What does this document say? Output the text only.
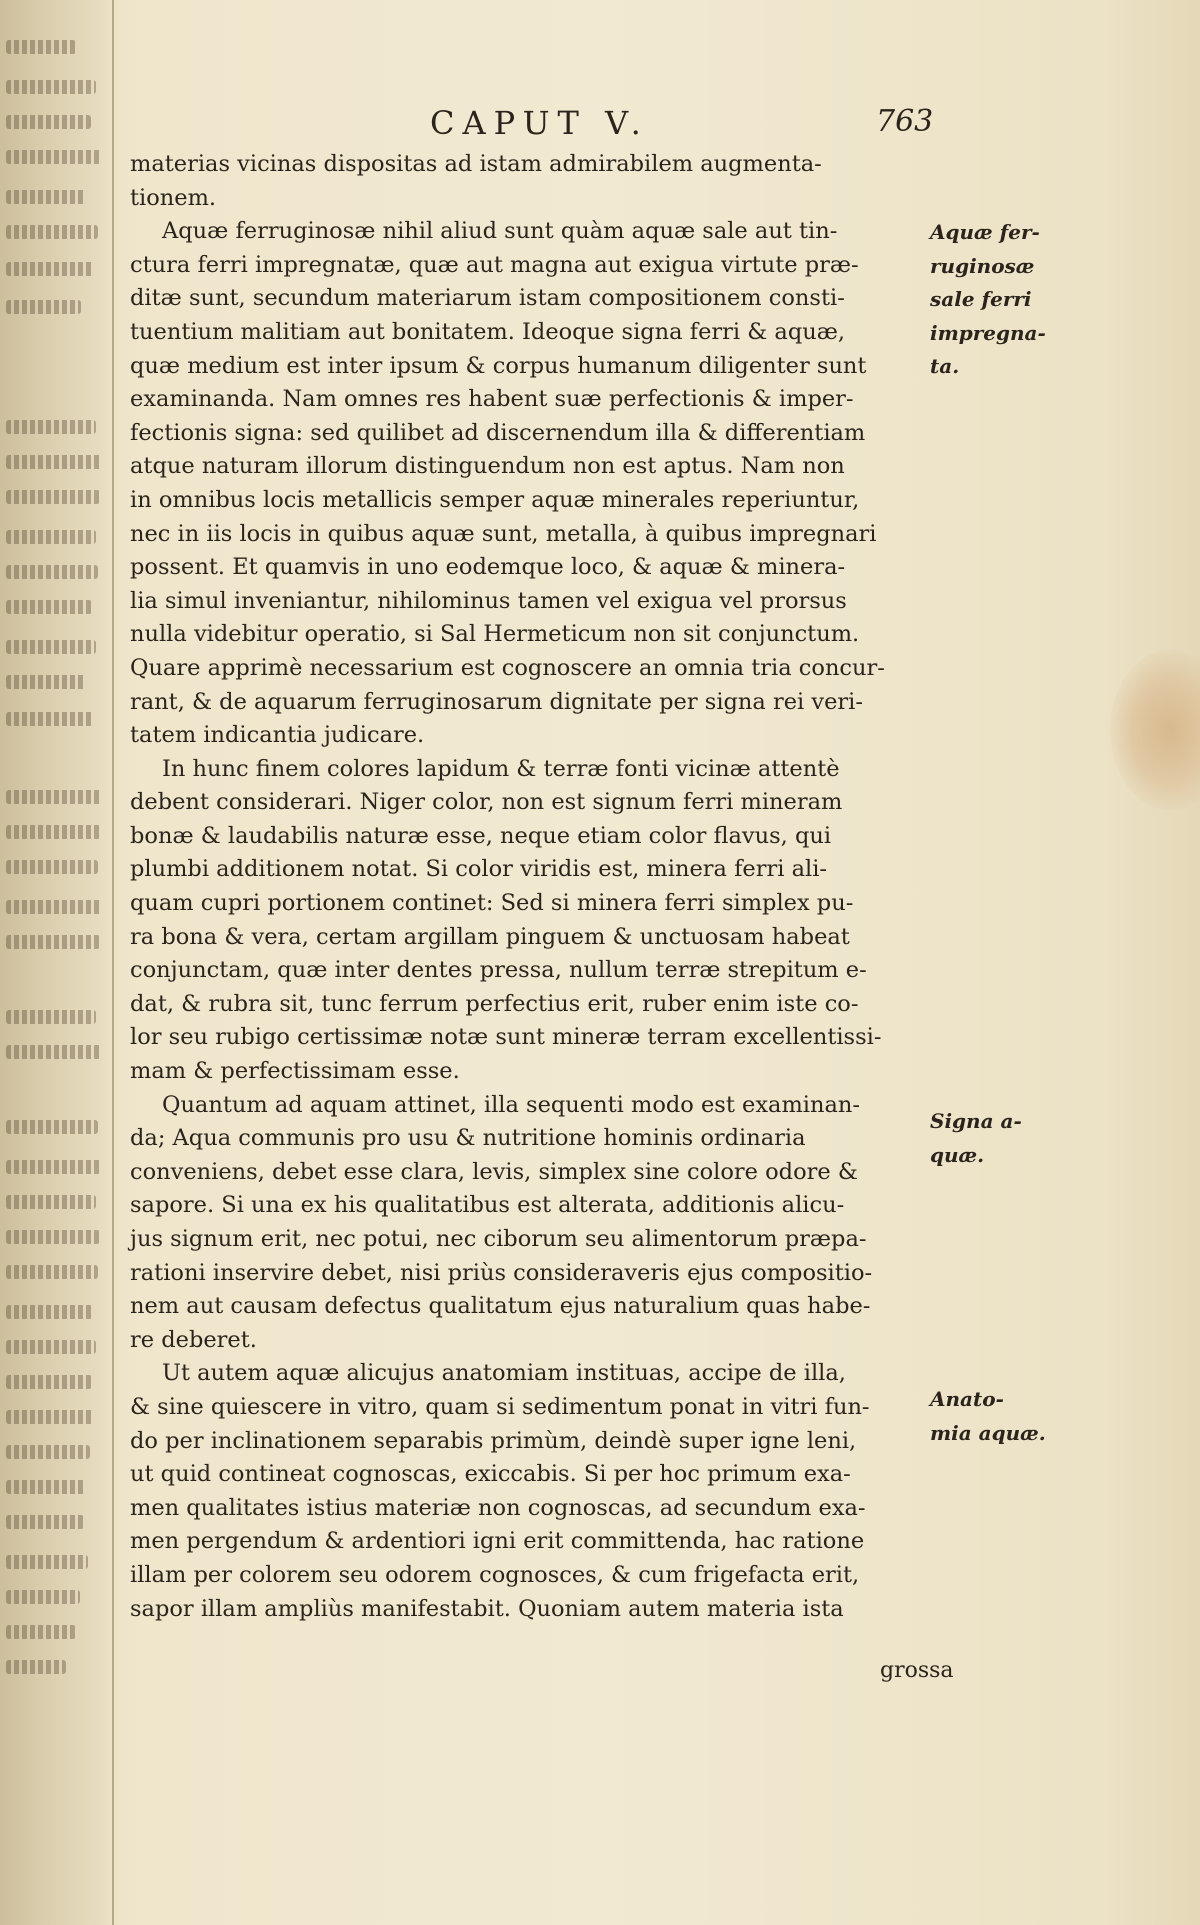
CAPUT V.	763

materias vicinas dispositas ad istam admirabilem augmenta-
tionem.

Aquæ ferruginosæ nihil aliud sunt quàm aquæ sale aut tin-
ctura ferri impregnatæ, quæ aut magna aut exigua virtute præ-
ditæ sunt, secundum materiarum istam compositionem consti-
tuentium malitiam aut bonitatem. Ideoque signa ferri & aquæ,
quæ medium est inter ipsum & corpus humanum diligenter sunt
examinanda. Nam omnes res habent suæ perfectionis & imper-
fectionis signa: sed quilibet ad discernendum illa & differentiam
atque naturam illorum distinguendum non est aptus. Nam non
in omnibus locis metallicis semper aquæ minerales reperiuntur,
nec in iis locis in quibus aquæ sunt, metalla, à quibus impregnari
possent. Et quamvis in uno eodemque loco, & aquæ & minera-
lia simul inveniantur, nihilominus tamen vel exigua vel prorsus
nulla videbitur operatio, si Sal Hermeticum non sit conjunctum.
Quare apprimè necessarium est cognoscere an omnia tria concur-
rant, & de aquarum ferruginosarum dignitate per signa rei veri-
tatem indicantia judicare.

In hunc finem colores lapidum & terræ fonti vicinæ attentè
debent considerari. Niger color, non est signum ferri mineram
bonæ & laudabilis naturæ esse, neque etiam color flavus, qui
plumbi additionem notat. Si color viridis est, minera ferri ali-
quam cupri portionem continet: Sed si minera ferri simplex pu-
ra bona & vera, certam argillam pinguem & unctuosam habeat
conjunctam, quæ inter dentes pressa, nullum terræ strepitum e-
dat, & rubra sit, tunc ferrum perfectius erit, ruber enim iste co-
lor seu rubigo certissimæ notæ sunt mineræ terram excellentissi-
mam & perfectissimam esse.

Quantum ad aquam attinet, illa sequenti modo est examinan-
da; Aqua communis pro usu & nutritione hominis ordinaria
conveniens, debet esse clara, levis, simplex sine colore odore &
sapore. Si una ex his qualitatibus est alterata, additionis alicu-
jus signum erit, nec potui, nec ciborum seu alimentorum præpa-
rationi inservire debet, nisi priùs consideraveris ejus compositio-
nem aut causam defectus qualitatum ejus naturalium quas habe-
re deberet.

Ut autem aquæ alicujus anatomiam instituas, accipe de illa,
& sine quiescere in vitro, quam si sedimentum ponat in vitri fun-
do per inclinationem separabis primùm, deindè super igne leni,
ut quid contineat cognoscas, exiccabis. Si per hoc primum exa-
men qualitates istius materiæ non cognoscas, ad secundum exa-
men pergendum & ardentiori igni erit committenda, hac ratione
illam per colorem seu odorem cognosces, & cum frigefacta erit,
sapor illam ampliùs manifestabit. Quoniam autem materia ista

Aquæ fer-
ruginosæ
sale ferri
impregna-
ta.
Signa a-
quæ.
Anato-
mia aquæ.
grossa
